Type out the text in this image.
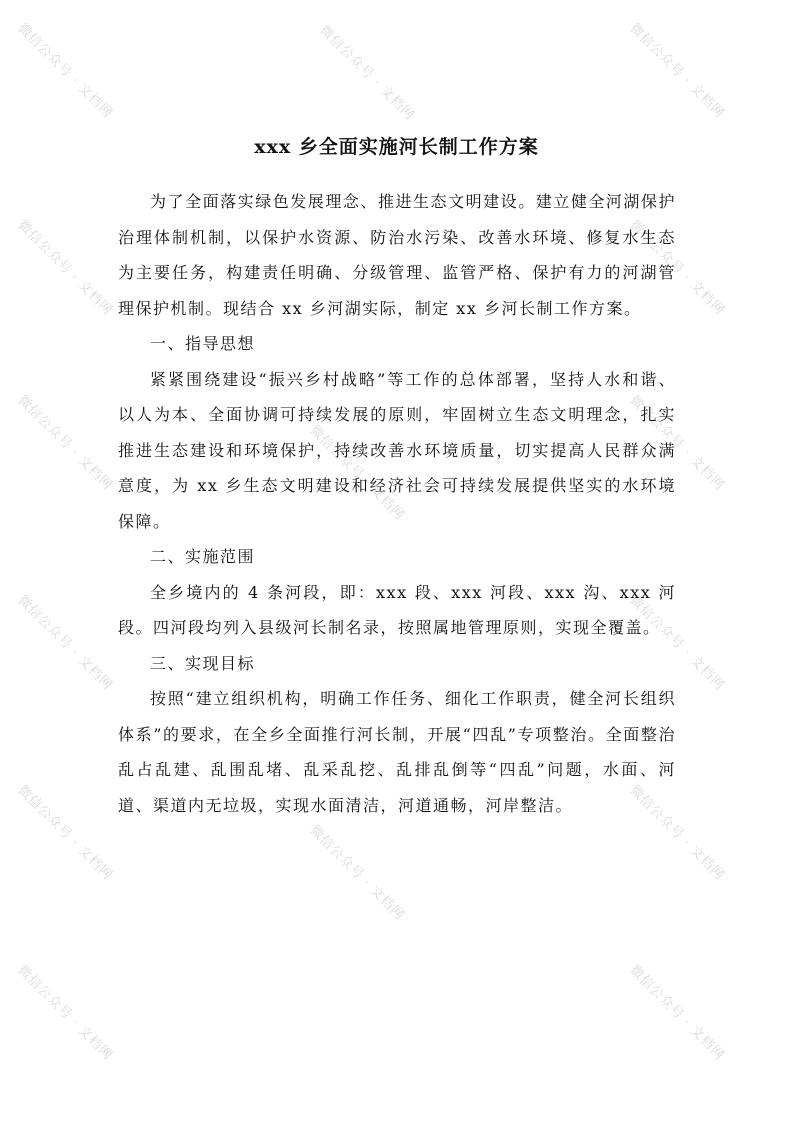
微信公众号 · 文档网	微信公众号 · 文档网
微信公众号 · 文档网
微信公众号 · 文档网	微信公众号 · 文档网
微信公众号 · 文档网	微信公众号 · 文档网
微信公众号 · 文档网
微信公众号 · 文档网	微信公众号 · 文档网
微信公众号 · 文档网	微信公众号 · 文档网
微信公众号 · 文档网
微信公众号 · 文档网	微信公众号 · 文档网
xxx 乡全面实施河长制工作方案

为了全面落实绿色发展理念、推进生态文明建设。建立健全河湖保护治理体制机制，以保护水资源、防治水污染、改善水环境、修复水生态为主要任务，构建责任明确、分级管理、监管严格、保护有力的河湖管理保护机制。现结合 xx 乡河湖实际，制定 xx 乡河长制工作方案。

一、指导思想

紧紧围绕建设“振兴乡村战略”等工作的总体部署，坚持人水和谐、以人为本、全面协调可持续发展的原则，牢固树立生态文明理念，扎实推进生态建设和环境保护，持续改善水环境质量，切实提高人民群众满意度，为 xx 乡生态文明建设和经济社会可持续发展提供坚实的水环境保障。

二、实施范围

全乡境内的 4 条河段，即：xxx 段、xxx 河段、xxx 沟、xxx 河段。四河段均列入县级河长制名录，按照属地管理原则，实现全覆盖。

三、实现目标

按照“建立组织机构，明确工作任务、细化工作职责，健全河长组织体系”的要求，在全乡全面推行河长制，开展“四乱”专项整治。全面整治乱占乱建、乱围乱堵、乱采乱挖、乱排乱倒等“四乱”问题，水面、河道、渠道内无垃圾，实现水面清洁，河道通畅，河岸整洁。
